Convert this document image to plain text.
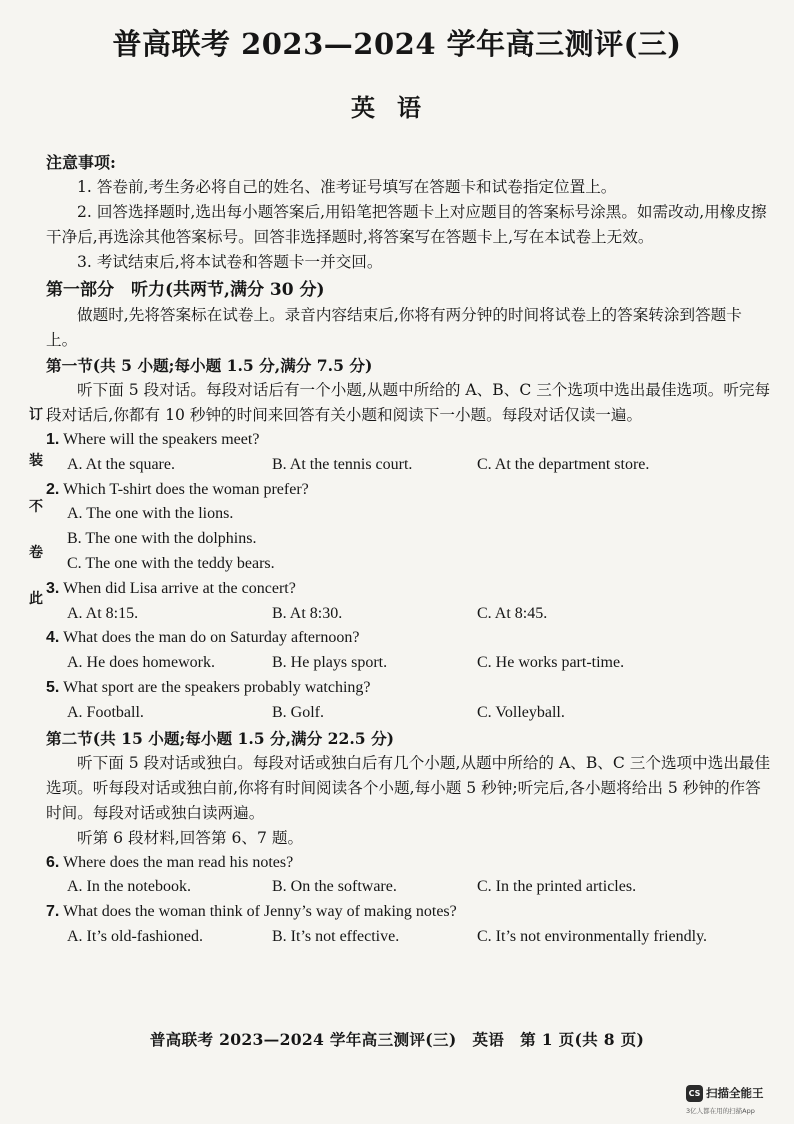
普高联考 2023—2024 学年高三测评(三)
英语
订
装
不
卷
此

注意事项:

1. 答卷前,考生务必将自己的姓名、准考证号填写在答题卡和试卷指定位置上。

2. 回答选择题时,选出每小题答案后,用铅笔把答题卡上对应题目的答案标号涂黑。如需改动,用橡皮擦干净后,再选涂其他答案标号。回答非选择题时,将答案写在答题卡上,写在本试卷上无效。

3. 考试结束后,将本试卷和答题卡一并交回。

第一部分　听力(共两节,满分 30 分)

做题时,先将答案标在试卷上。录音内容结束后,你将有两分钟的时间将试卷上的答案转涂到答题卡上。

第一节(共 5 小题;每小题 1.5 分,满分 7.5 分)

听下面 5 段对话。每段对话后有一个小题,从题中所给的 A、B、C 三个选项中选出最佳选项。听完每段对话后,你都有 10 秒钟的时间来回答有关小题和阅读下一小题。每段对话仅读一遍。

1. Where will the speakers meet?

A. At the square.	B. At the tennis court.	C. At the department store.

2. Which T-shirt does the woman prefer?

A. The one with the lions.

B. The one with the dolphins.

C. The one with the teddy bears.

3. When did Lisa arrive at the concert?

A. At 8:15.	B. At 8:30.	C. At 8:45.

4. What does the man do on Saturday afternoon?

A. He does homework.	B. He plays sport.	C. He works part-time.

5. What sport are the speakers probably watching?

A. Football.	B. Golf.	C. Volleyball.

第二节(共 15 小题;每小题 1.5 分,满分 22.5 分)

听下面 5 段对话或独白。每段对话或独白后有几个小题,从题中所给的 A、B、C 三个选项中选出最佳选项。听每段对话或独白前,你将有时间阅读各个小题,每小题 5 秒钟;听完后,各小题将给出 5 秒钟的作答时间。每段对话或独白读两遍。

听第 6 段材料,回答第 6、7 题。

6. Where does the man read his notes?

A. In the notebook.	B. On the software.	C. In the printed articles.

7. What does the woman think of Jenny’s way of making notes?

A. It’s old-fashioned.	B. It’s not effective.	C. It’s not environmentally friendly.
普高联考 2023—2024 学年高三测评(三)　英语　第 1 页(共 8 页)
CS 扫描全能王
3亿人都在用的扫描App
